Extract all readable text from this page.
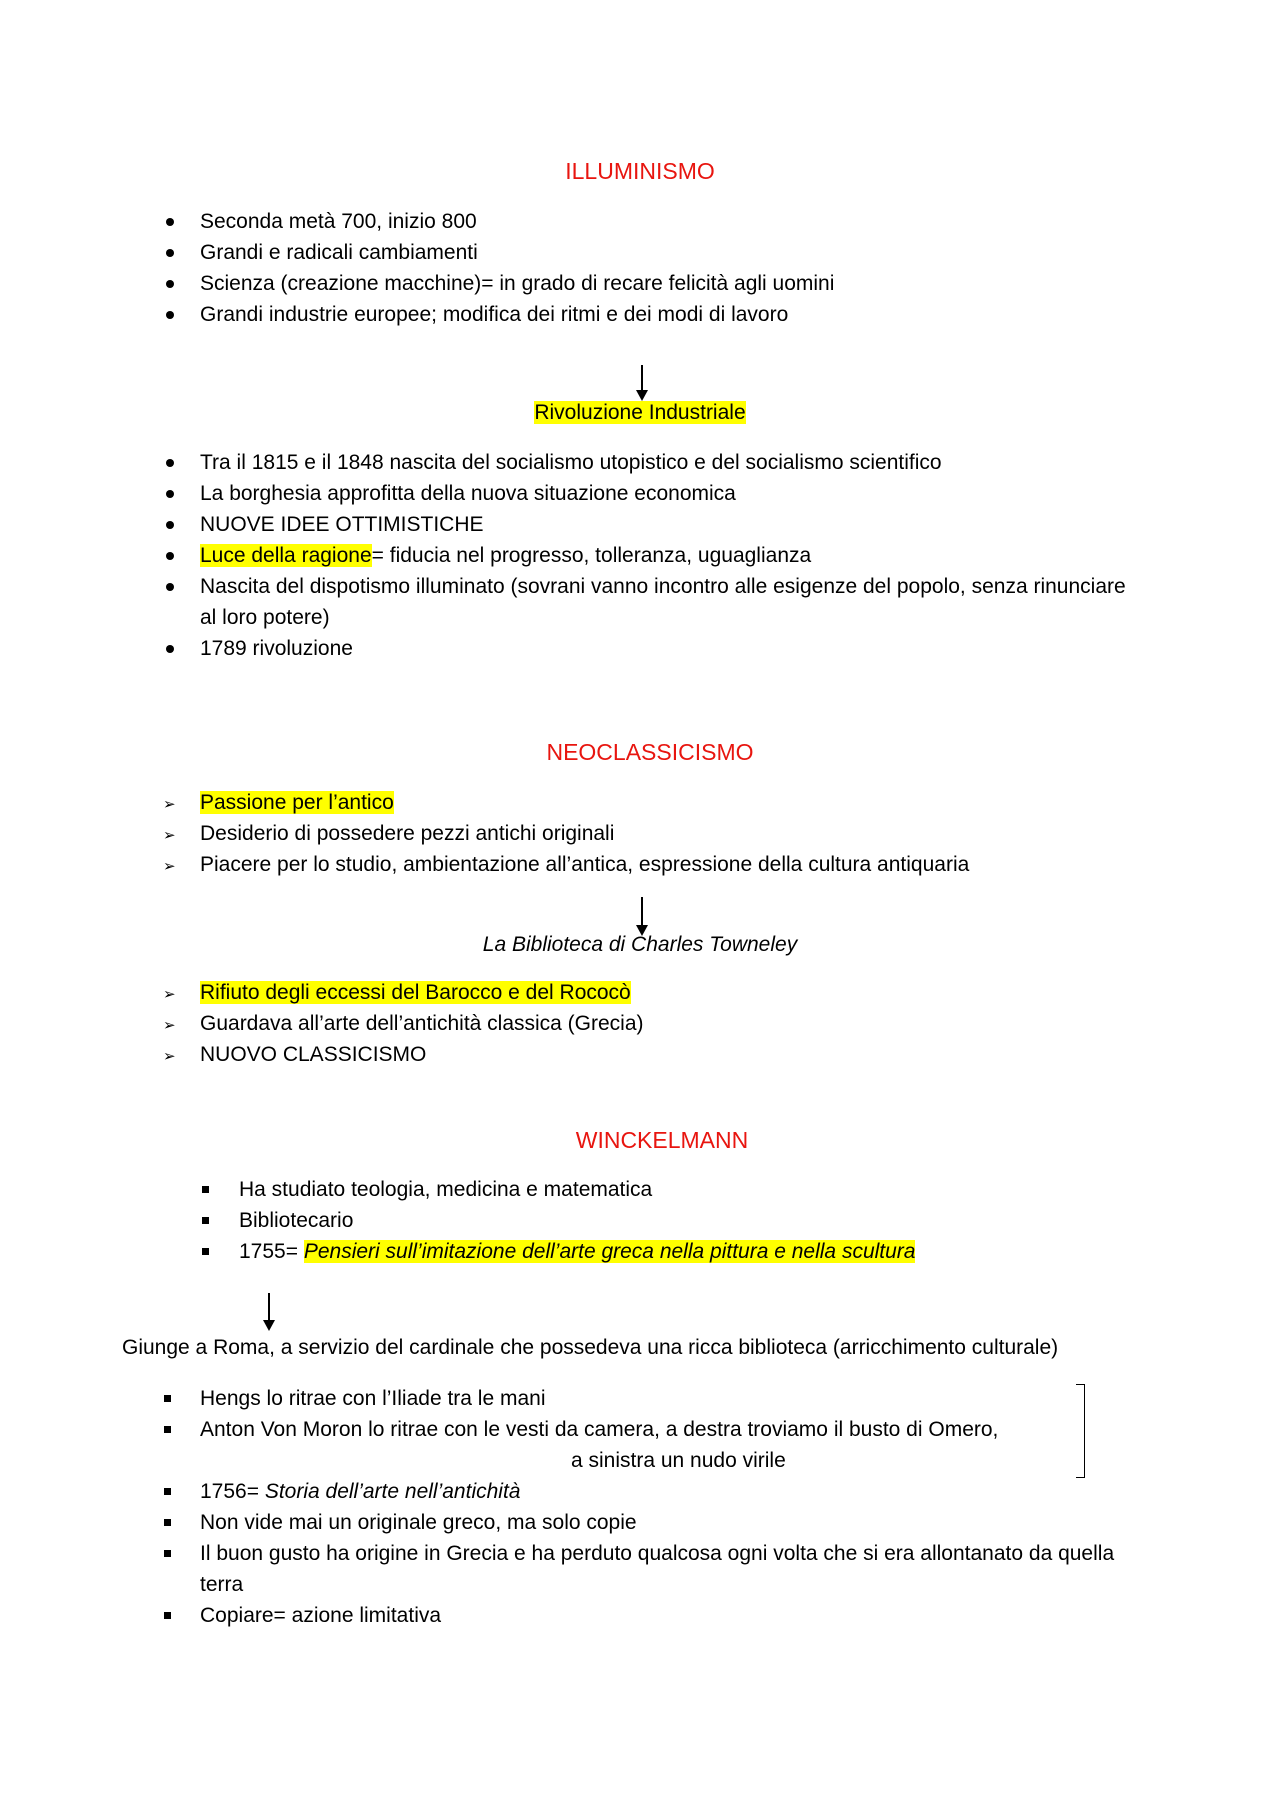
ILLUMINISMO
Seconda metà 700, inizio 800
Grandi e radicali cambiamenti
Scienza (creazione macchine)= in grado di recare felicità agli uomini
Grandi industrie europee; modifica dei ritmi e dei modi di lavoro
Rivoluzione Industriale
Tra il 1815 e il 1848 nascita del socialismo utopistico e del socialismo scientifico
La borghesia approfitta della nuova situazione economica
NUOVE IDEE OTTIMISTICHE
Luce della ragione= fiducia nel progresso, tolleranza, uguaglianza
Nascita del dispotismo illuminato (sovrani vanno incontro alle esigenze del popolo, senza rinunciare
al loro potere)
1789 rivoluzione
NEOCLASSICISMO
➢ Passione per l’antico
➢ Desiderio di possedere pezzi antichi originali
➢ Piacere per lo studio, ambientazione all’antica, espressione della cultura antiquaria
La Biblioteca di Charles Towneley
➢ Rifiuto degli eccessi del Barocco e del Rococò
➢ Guardava all’arte dell’antichità classica (Grecia)
➢ NUOVO CLASSICISMO
WINCKELMANN
Ha studiato teologia, medicina e matematica
Bibliotecario
1755= Pensieri sull’imitazione dell’arte greca nella pittura e nella scultura
Giunge a Roma, a servizio del cardinale che possedeva una ricca biblioteca (arricchimento culturale)
Hengs lo ritrae con l’Iliade tra le mani
Anton Von Moron lo ritrae con le vesti da camera, a destra troviamo il busto di Omero,
a sinistra un nudo virile
1756= Storia dell’arte nell’antichità
Non vide mai un originale greco, ma solo copie
Il buon gusto ha origine in Grecia e ha perduto qualcosa ogni volta che si era allontanato da quella
terra
Copiare= azione limitativa
